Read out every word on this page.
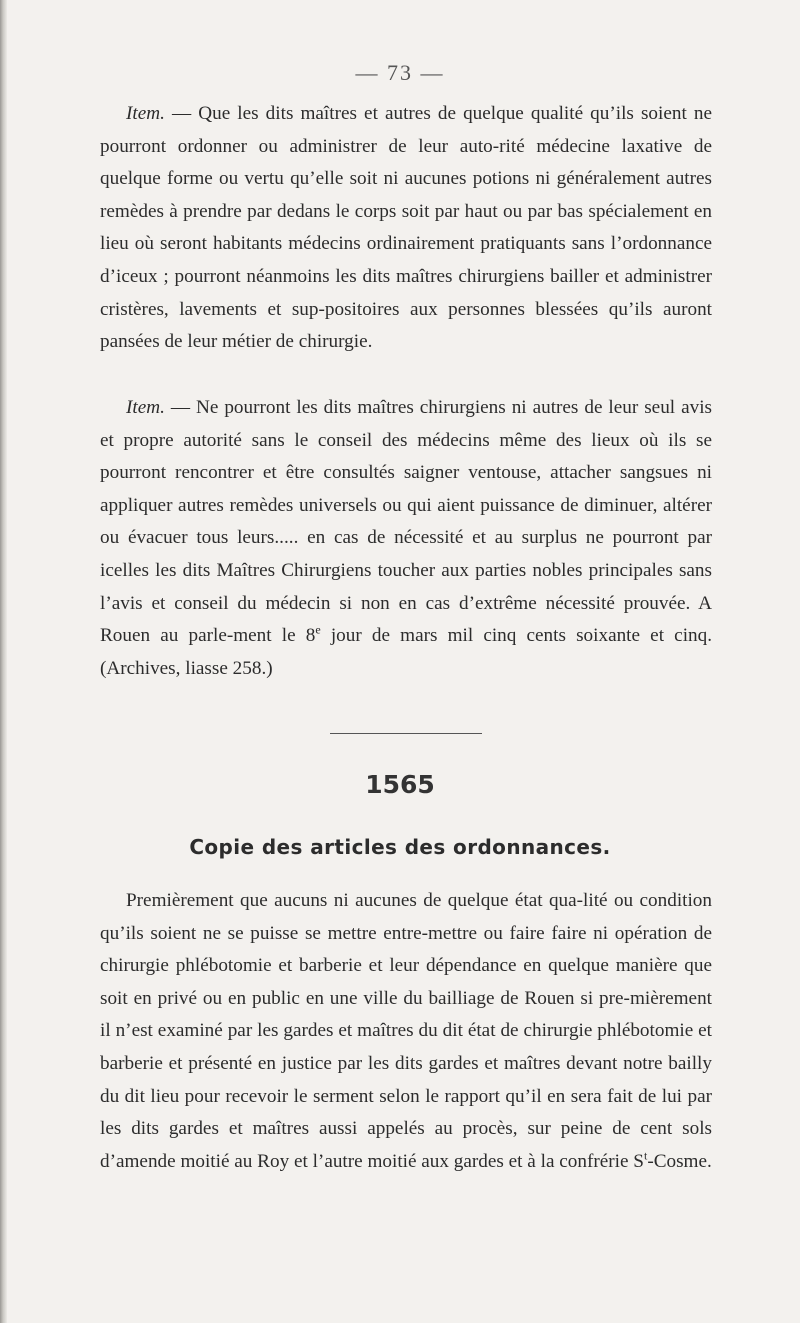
— 73 —
Item. — Que les dits maîtres et autres de quelque qualité qu’ils soient ne pourront ordonner ou administrer de leur auto-rité médecine laxative de quelque forme ou vertu qu’elle soit ni aucunes potions ni généralement autres remèdes à prendre par dedans le corps soit par haut ou par bas spécialement en lieu où seront habitants médecins ordinairement pratiquants sans l’ordonnance d’iceux ; pourront néanmoins les dits maîtres chirurgiens bailler et administrer cristères, lavements et sup-positoires aux personnes blessées qu’ils auront pansées de leur métier de chirurgie.
Item. — Ne pourront les dits maîtres chirurgiens ni autres de leur seul avis et propre autorité sans le conseil des médecins même des lieux où ils se pourront rencontrer et être consultés saigner ventouse, attacher sangsues ni appliquer autres remèdes universels ou qui aient puissance de diminuer, altérer ou évacuer tous leurs..... en cas de nécessité et au surplus ne pourront par icelles les dits Maîtres Chirurgiens toucher aux parties nobles principales sans l’avis et conseil du médecin si non en cas d’extrême nécessité prouvée. A Rouen au parle-ment le 8e jour de mars mil cinq cents soixante et cinq. (Archives, liasse 258.)
1565
Copie des articles des ordonnances.
Premièrement que aucuns ni aucunes de quelque état qua-lité ou condition qu’ils soient ne se puisse se mettre entre-mettre ou faire faire ni opération de chirurgie phlébotomie et barberie et leur dépendance en quelque manière que soit en privé ou en public en une ville du bailliage de Rouen si pre-mièrement il n’est examiné par les gardes et maîtres du dit état de chirurgie phlébotomie et barberie et présenté en justice par les dits gardes et maîtres devant notre bailly du dit lieu pour recevoir le serment selon le rapport qu’il en sera fait de lui par les dits gardes et maîtres aussi appelés au procès, sur peine de cent sols d’amende moitié au Roy et l’autre moitié aux gardes et à la confrérie $S^t$-Cosme.
